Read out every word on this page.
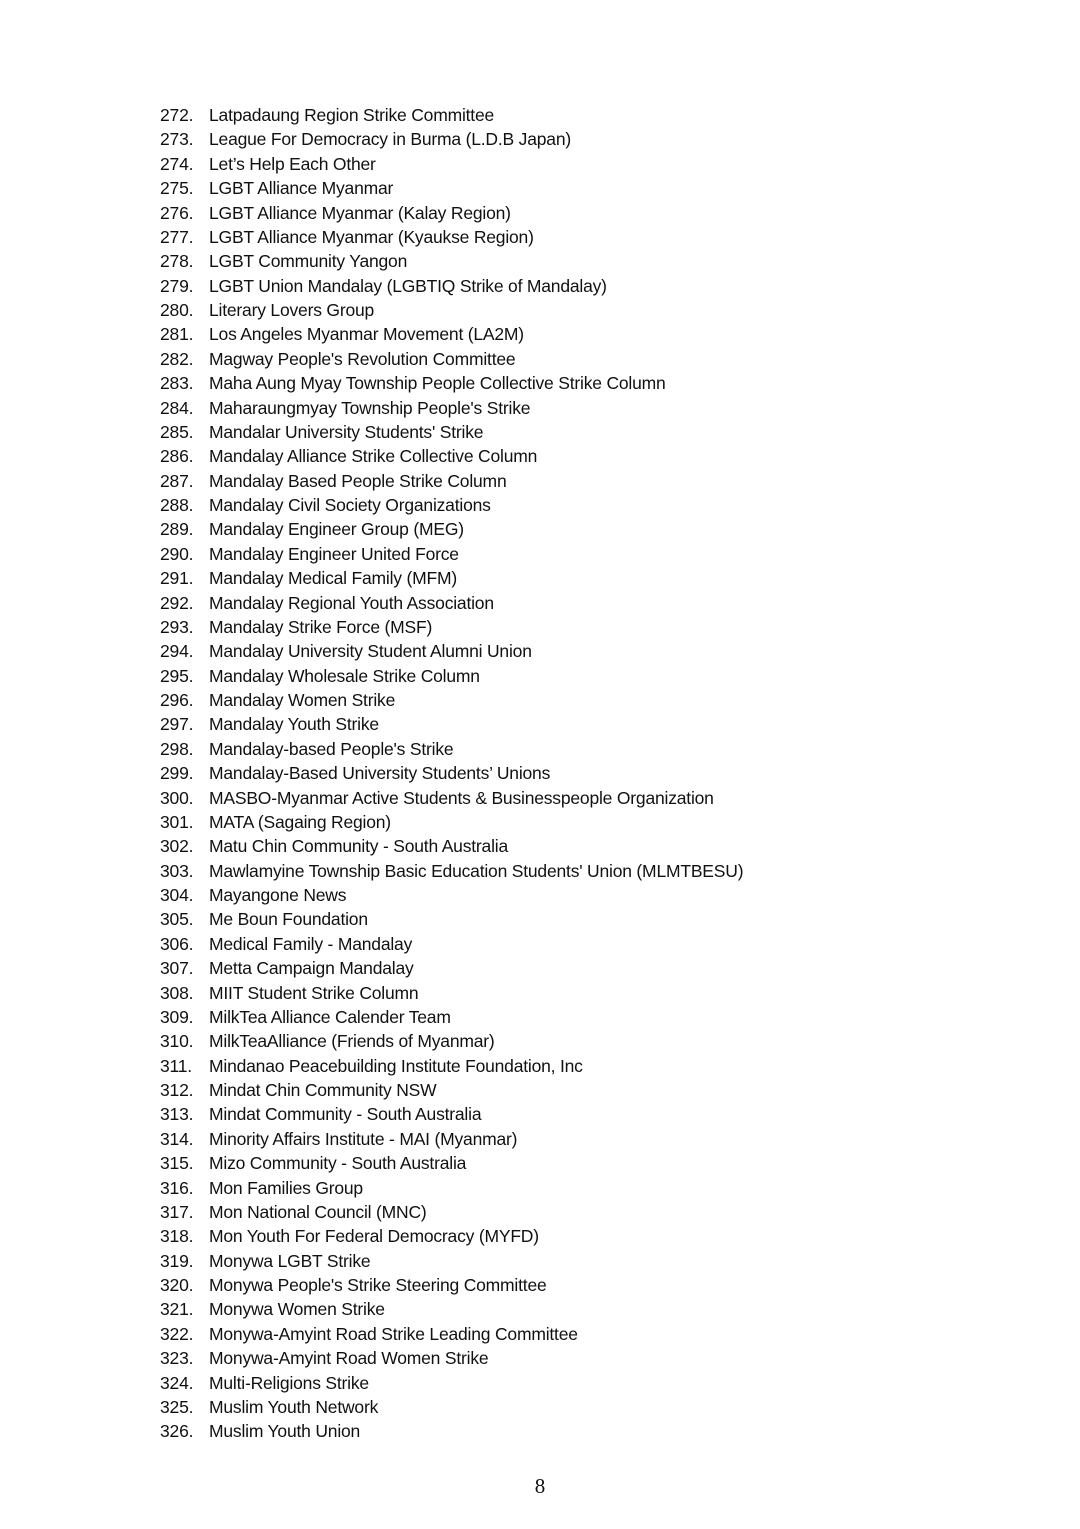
272. Latpadaung Region Strike Committee
273. League For Democracy in Burma (L.D.B Japan)
274. Let’s Help Each Other
275. LGBT Alliance Myanmar
276. LGBT Alliance Myanmar (Kalay Region)
277. LGBT Alliance Myanmar (Kyaukse Region)
278. LGBT Community Yangon
279. LGBT Union Mandalay (LGBTIQ Strike of Mandalay)
280. Literary Lovers Group
281. Los Angeles Myanmar Movement (LA2M)
282. Magway People's Revolution Committee
283. Maha Aung Myay Township People Collective Strike Column
284. Maharaungmyay Township People's Strike
285. Mandalar University Students' Strike
286. Mandalay Alliance Strike Collective Column
287. Mandalay Based People Strike Column
288. Mandalay Civil Society Organizations
289. Mandalay Engineer Group (MEG)
290. Mandalay Engineer United Force
291. Mandalay Medical Family (MFM)
292. Mandalay Regional Youth Association
293. Mandalay Strike Force (MSF)
294. Mandalay University Student Alumni Union
295. Mandalay Wholesale Strike Column
296. Mandalay Women Strike
297. Mandalay Youth Strike
298. Mandalay-based People's Strike
299. Mandalay-Based University Students’ Unions
300. MASBO-Myanmar Active Students & Businesspeople Organization
301. MATA (Sagaing Region)
302. Matu Chin Community - South Australia
303. Mawlamyine Township Basic Education Students' Union (MLMTBESU)
304. Mayangone News
305. Me Boun Foundation
306. Medical Family - Mandalay
307. Metta Campaign Mandalay
308. MIIT Student Strike Column
309. MilkTea Alliance Calender Team
310. MilkTeaAlliance (Friends of Myanmar)
311. Mindanao Peacebuilding Institute Foundation, Inc
312. Mindat Chin Community NSW
313. Mindat Community - South Australia
314. Minority Affairs Institute - MAI (Myanmar)
315. Mizo Community - South Australia
316. Mon Families Group
317. Mon National Council (MNC)
318. Mon Youth For Federal Democracy (MYFD)
319. Monywa LGBT Strike
320. Monywa People's Strike Steering Committee
321. Monywa Women Strike
322. Monywa-Amyint Road Strike Leading Committee
323. Monywa-Amyint Road Women Strike
324. Multi-Religions Strike
325. Muslim Youth Network
326. Muslim Youth Union
8
